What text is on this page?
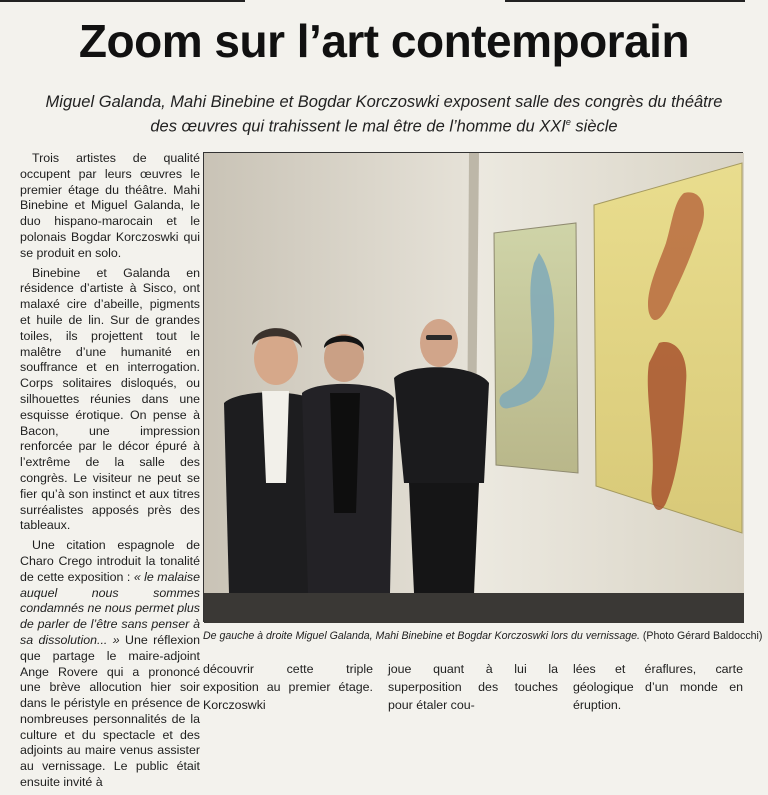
Zoom sur l’art contemporain
Miguel Galanda, Mahi Binebine et Bogdar Korczoswki exposent salle des congrès du théâtre
des œuvres qui trahissent le mal être de l’homme du XXIe siècle

Trois artistes de qualité occupent par leurs œuvres le premier étage du théâtre. Mahi Binebine et Miguel Galanda, le duo hispano-marocain et le polonais Bogdar Korczoswki qui se produit en solo.

Binebine et Galanda en résidence d’artiste à Sisco, ont malaxé cire d’abeille, pigments et huile de lin. Sur de grandes toiles, ils projettent tout le malêtre d’une humanité en souffrance et en interrogation. Corps solitaires disloqués, ou silhouettes réunies dans une esquisse érotique. On pense à Bacon, une impression renforcée par le décor épuré à l’extrême de la salle des congrès. Le visiteur ne peut se fier qu’à son instinct et aux titres surréalistes apposés près des tableaux.

Une citation espagnole de Charo Crego introduit la tonalité de cette exposition : « le malaise auquel nous sommes condamnés ne nous permet plus de parler de l’être sans penser à sa dissolution... » Une réflexion que partage le maire-adjoint Ange Rovere qui a prononcé une brève allocution hier soir dans le péristyle en présence de nombreuses personnalités de la culture et du spectacle et des adjoints au maire venus assister au vernissage. Le public était ensuite invité à

De gauche à droite Miguel Galanda, Mahi Binebine et Bogdar Korczoswki lors du vernissage. (Photo Gérard Baldocchi)
découvrir cette triple exposition au premier étage. Korczoswki
joue quant à lui la superposition des touches pour étaler cou-
lées et éraflures, carte géologique d’un monde en éruption.
